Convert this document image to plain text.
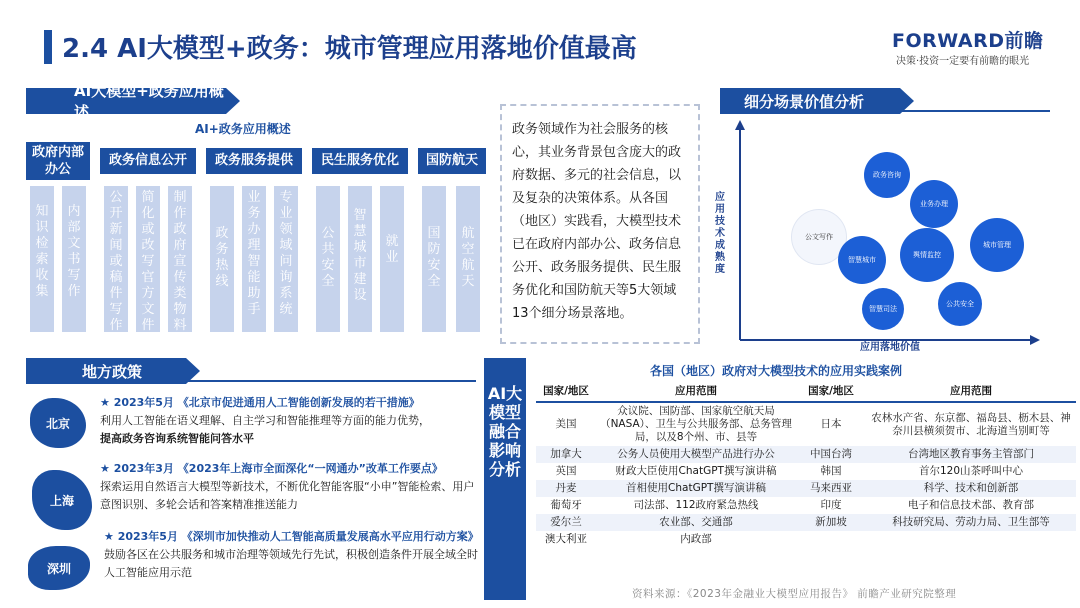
2.4 AI大模型+政务：城市管理应用落地价值最高	FORWARD前瞻
决策·投资一定要有前瞻的眼光
AI大模型+政务应用概述
AI+政务应用概述
政府内部办公
政务信息公开	政务服务提供	民生服务优化	国防航天
知识检索收集
内部文书写作
公开新闻或稿件写作
简化或改写官方文件
制作政府宣传类物料
政务热线
业务办理智能助手
专业领域问询系统
公共安全
智慧城市建设
就业
国防安全
航空航天
政务领域作为社会服务的核心，其业务背景包含庞大的政府数据、多元的社会信息，以及复杂的决策体系。从各国（地区）实践看，大模型技术已在政府内部办公、政务信息公开、政务服务提供、民生服务优化和国防航天等5大领域13个细分场景落地。
细分场景价值分析
应用技术成熟度
应用落地价值
政务咨询
业务办理
公文写作
智慧城市
舆情监控
智慧司法
城市管理
公共安全
地方政策
北京
上海
深圳
★ 2023年5月 《北京市促进通用人工智能创新发展的若干措施》
利用人工智能在语义理解、自主学习和智能推理等方面的能力优势，
提高政务咨询系统智能问答水平
★ 2023年3月 《2023年上海市全面深化“一网通办”改革工作要点》
探索运用自然语言大模型等新技术，不断优化智能客服“小申”智能检索、用户意图识别、多轮会话和答案精准推送能力
★ 2023年5月 《深圳市加快推动人工智能高质量发展高水平应用行动方案》
鼓励各区在公共服务和城市治理等领域先行先试，积极创造条件开展全域全时人工智能应用示范
AI大模型融合影响分析
各国（地区）政府对大模型技术的应用实践案例
国家/地区	应用范围	国家/地区	应用范围
美国	众议院、国防部、国家航空航天局（NASA）、卫生与公共服务部、总务管理局，以及8个州、市、县等	日本	农林水产省、东京都、福岛县、枥木县、神奈川县横须贺市、北海道当别町等
加拿大	公务人员使用大模型产品进行办公	中国台湾	台湾地区教育事务主管部门
英国	财政大臣使用ChatGPT撰写演讲稿	韩国	首尔120山茶呼叫中心
丹麦	首相使用ChatGPT撰写演讲稿	马来西亚	科学、技术和创新部
葡萄牙	司法部、112政府紧急热线	印度	电子和信息技术部、教育部
爱尔兰	农业部、交通部	新加坡	科技研究局、劳动力局、卫生部等
澳大利亚	内政部		
资料来源：《2023年金融业大模型应用报告》 前瞻产业研究院整理
